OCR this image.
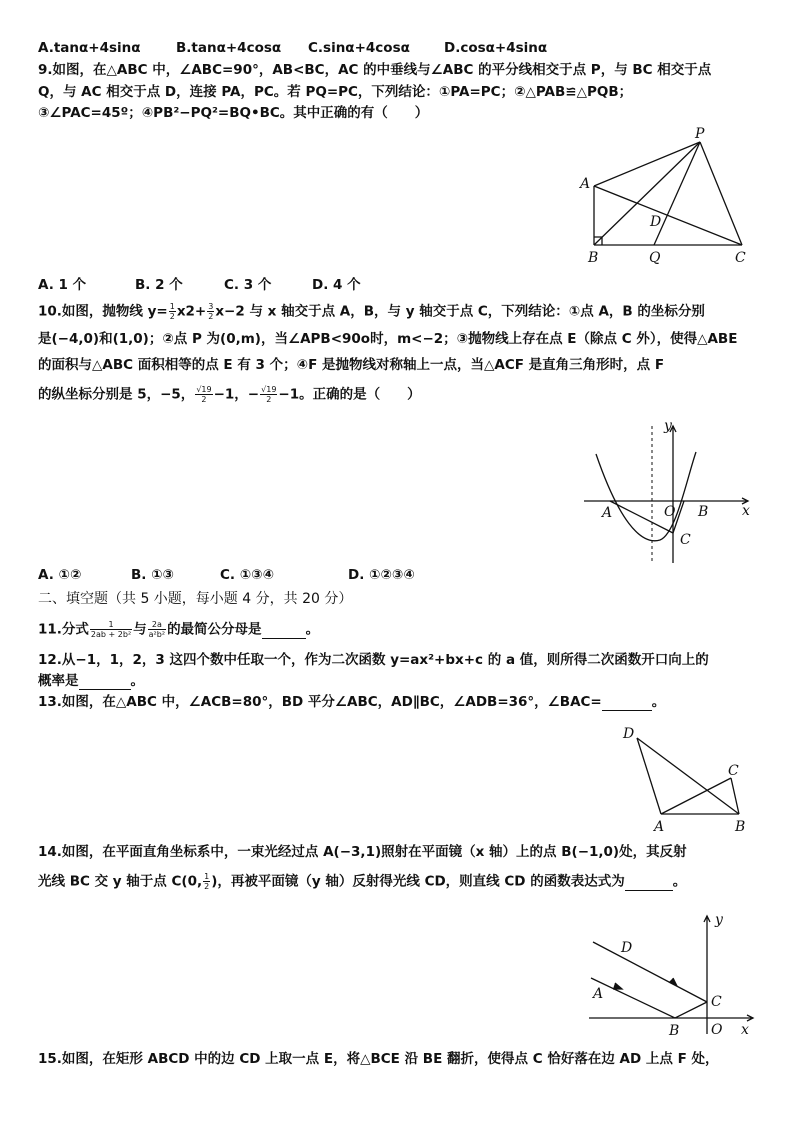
A.tanα+4sinα	B.tanα+4cosα C.sinα+4cosα	D.cosα+4sinα
9.如图，在△ABC 中，∠ABC=90°，AB<BC，AC 的中垂线与∠ABC 的平分线相交于点 P，与 BC 相交于点
Q，与 AC 相交于点 D，连接 PA，PC。若 PQ=PC，下列结论：①PA=PC；②△PAB≌△PQB；
③∠PAC=45º；④PB²−PQ²=BQ•BC。其中正确的有（　　）
A
B	Q	C
D
P
A. 1 个	B. 2 个	C. 3 个	D. 4 个
10.如图，抛物线 $y= \frac{1}{2} x2+ \frac{3}{2} x-2$ 与 x 轴交于点 A，B，与 y 轴交于点 C，下列结论：①点 A，B 的坐标分别
是(−4,0)和(1,0)；②点 P 为(0,m)，当∠APB<90o时，m<−2；③抛物线上存在点 E（除点 C 外），使得△ABE
的面积与△ABC 面积相等的点 E 有 3 个；④F 是抛物线对称轴上一点，当△ACF 是直角三角形时，点 F
的纵坐标分别是 5，−5， $\frac{√19}{2} -1$，− $\frac{√19}{2} -1$。正确的是（　　）
y
A	O B x
C
A. ①②	B. ①③	C. ①③④	D. ①②③④
二、填空题（共 5 小题，每小题 4 分，共 20 分）
11.分式 $\frac{1}{\text{2ab + 2b²}}$ 与 $\frac{2a}{\text{a²b²}}$ 的最简公分母是	。
12.从−1，1，2，3 这四个数中任取一个，作为二次函数 y=ax²+bx+c 的 a 值，则所得二次函数开口向上的
概率是	。
13.如图，在△ABC 中，∠ACB=80°，BD 平分∠ABC，AD∥BC，∠ADB=36°，∠BAC=	。
D
C
A	B
14.如图，在平面直角坐标系中，一束光经过点 A(−3,1)照射在平面镜（x 轴）上的点 B(−1,0)处，其反射
光线 BC 交 y 轴于点 C(0, $\frac{1}{2}$ )，再被平面镜（y 轴）反射得光线 CD，则直线 CD 的函数表达式为	。
y
D
A	C
B O x
15.如图，在矩形 ABCD 中的边 CD 上取一点 E，将△BCE 沿 BE 翻折，使得点 C 恰好落在边 AD 上点 F 处，
